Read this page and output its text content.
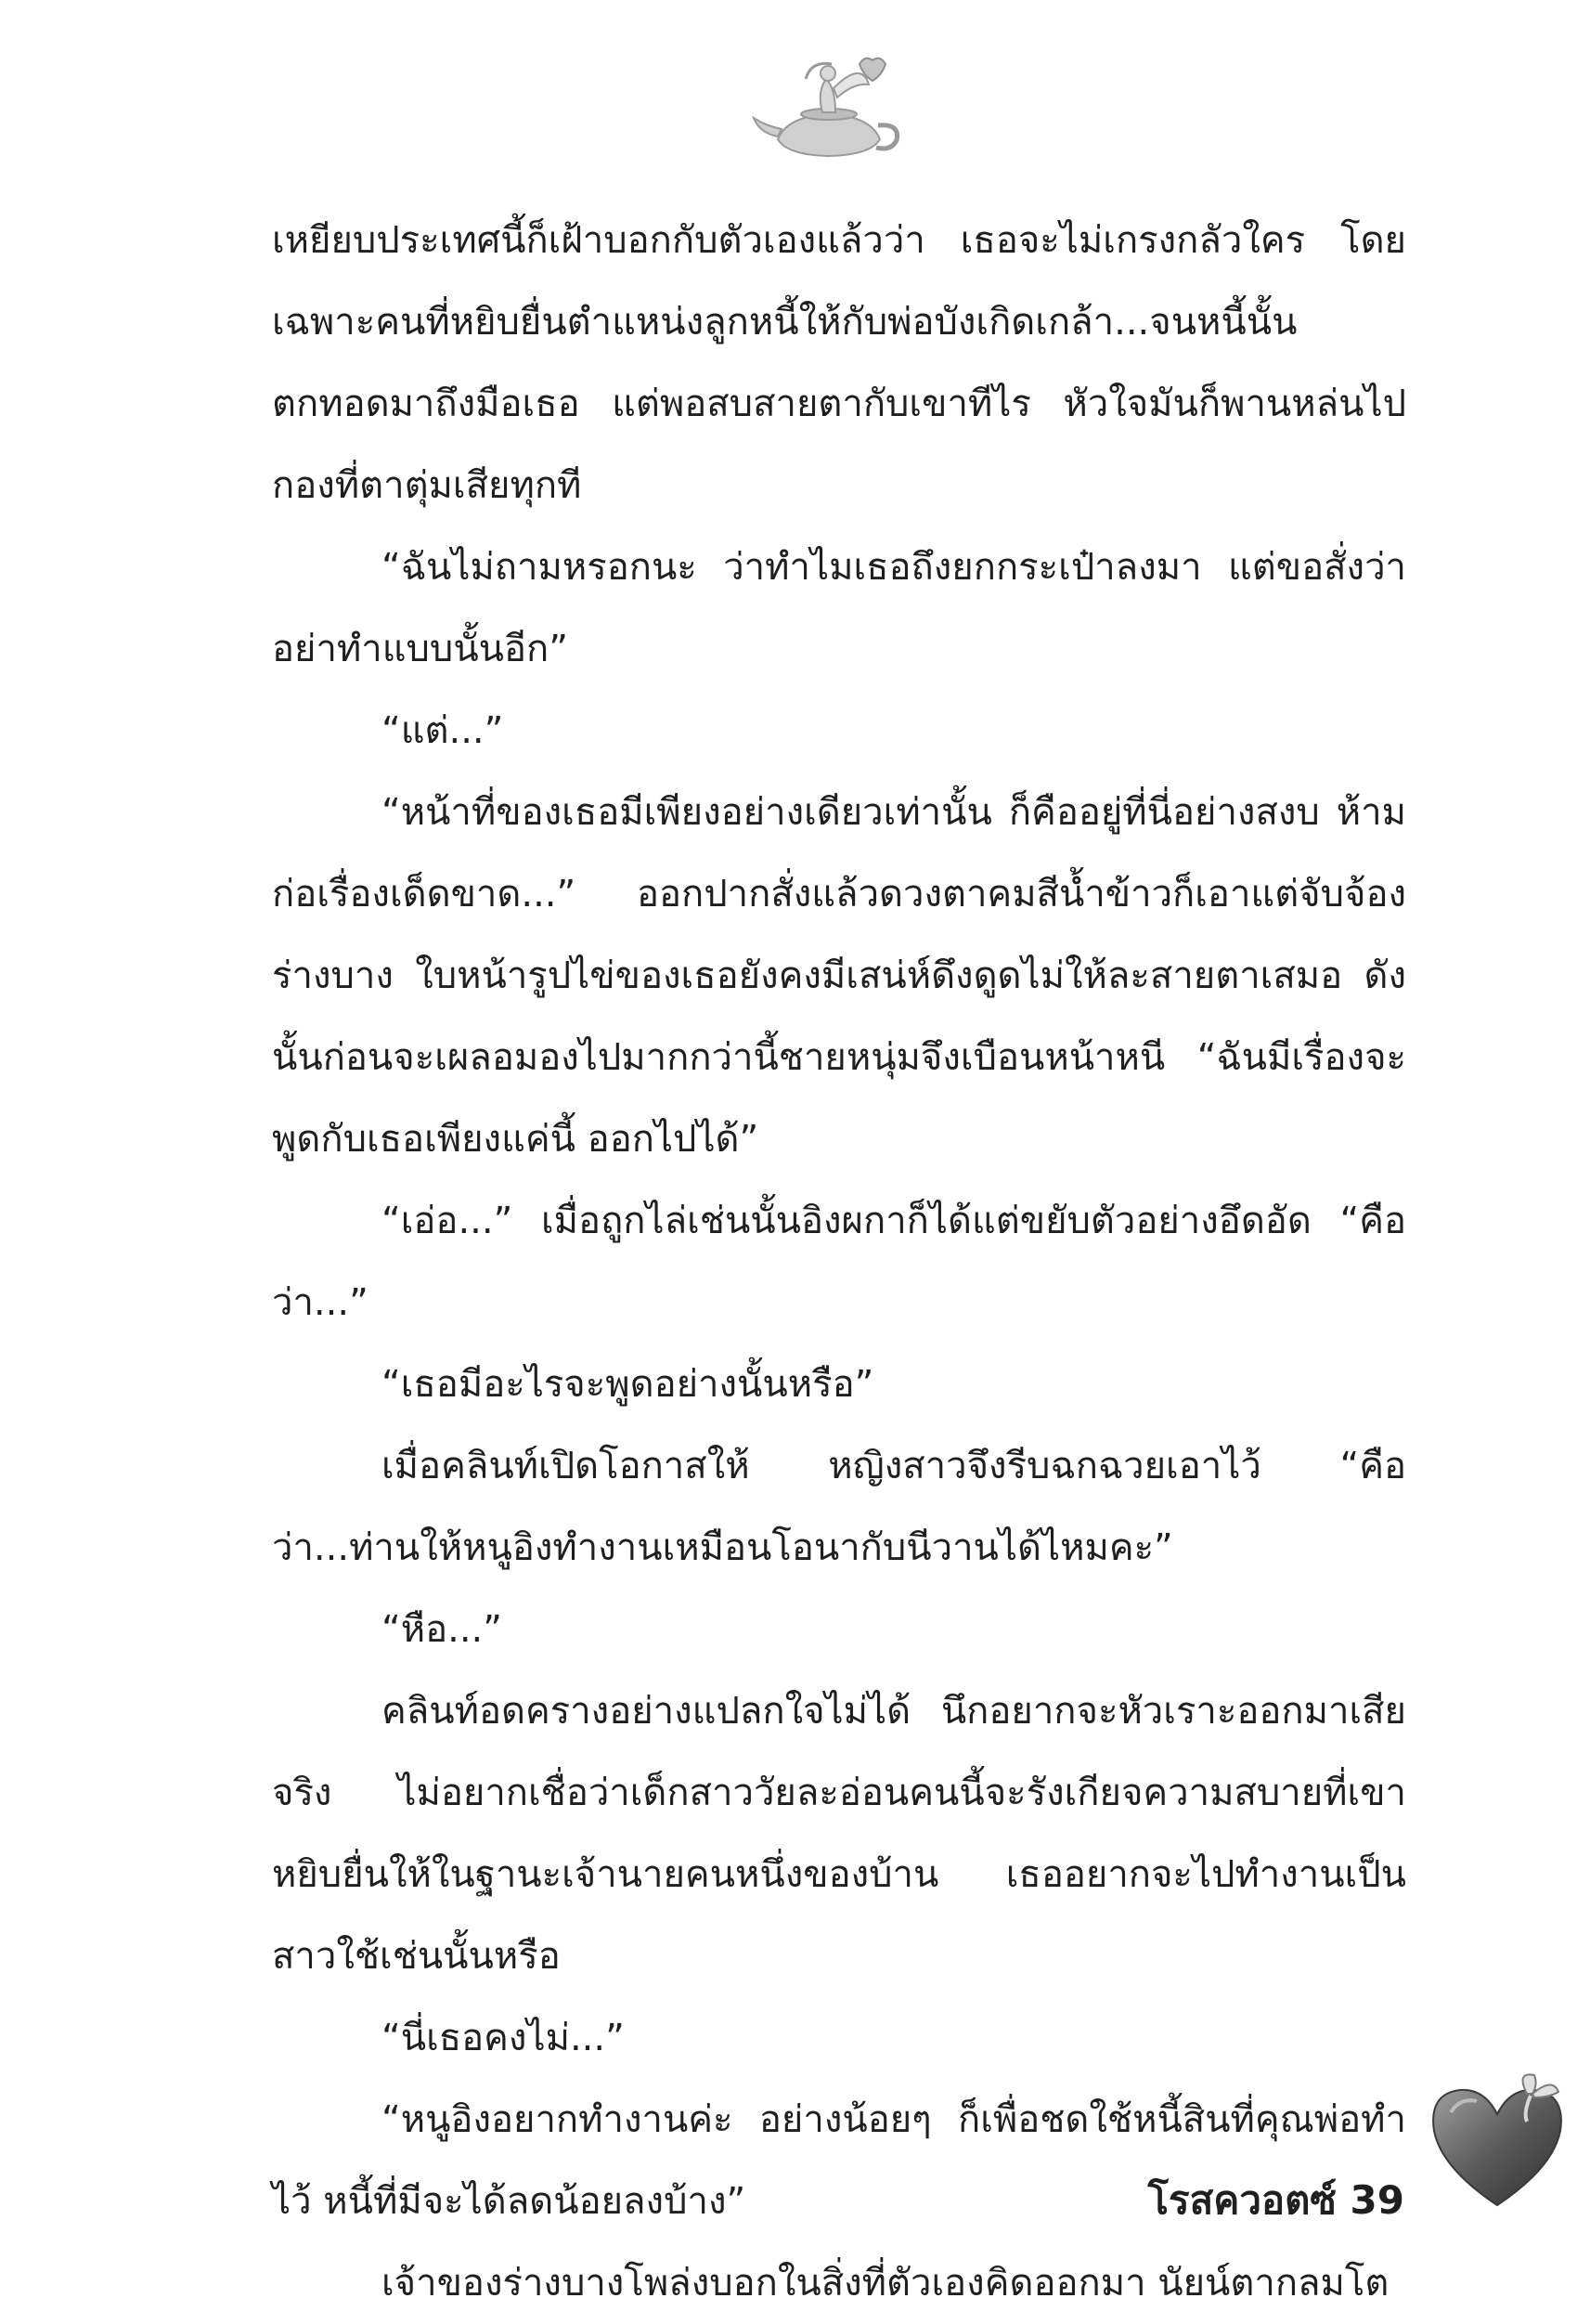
เหยียบประเทศนี้ก็เฝ้าบอกกับตัวเองแล้วว่า เธอจะไม่เกรงกลัวใคร โดยเฉพาะคนที่หยิบยื่นตำแหน่งลูกหนี้ให้กับพ่อบังเกิดเกล้า...จนหนี้นั้นตกทอดมาถึงมือเธอ แต่พอสบสายตากับเขาทีไร หัวใจมันก็พานหล่นไปกองที่ตาตุ่มเสียทุกที

“ฉันไม่ถามหรอกนะ ว่าทำไมเธอถึงยกกระเป๋าลงมา แต่ขอสั่งว่าอย่าทำแบบนั้นอีก”

“แต่...”

“หน้าที่ของเธอมีเพียงอย่างเดียวเท่านั้น ก็คืออยู่ที่นี่อย่างสงบ ห้ามก่อเรื่องเด็ดขาด...” ออกปากสั่งแล้วดวงตาคมสีน้ำข้าวก็เอาแต่จับจ้องร่างบาง ใบหน้ารูปไข่ของเธอยังคงมีเสน่ห์ดึงดูดไม่ให้ละสายตาเสมอ ดังนั้นก่อนจะเผลอมองไปมากกว่านี้ชายหนุ่มจึงเบือนหน้าหนี “ฉันมีเรื่องจะพูดกับเธอเพียงแค่นี้ ออกไปได้”

“เอ่อ...” เมื่อถูกไล่เช่นนั้นอิงผกาก็ได้แต่ขยับตัวอย่างอึดอัด “คือว่า...”

“เธอมีอะไรจะพูดอย่างนั้นหรือ”

เมื่อคลินท์เปิดโอกาสให้ หญิงสาวจึงรีบฉกฉวยเอาไว้ “คือว่า...ท่านให้หนูอิงทำงานเหมือนโอนากับนีวานได้ไหมคะ”

“หือ...”

คลินท์อดครางอย่างแปลกใจไม่ได้ นึกอยากจะหัวเราะออกมาเสียจริง ไม่อยากเชื่อว่าเด็กสาววัยละอ่อนคนนี้จะรังเกียจความสบายที่เขาหยิบยื่นให้ในฐานะเจ้านายคนหนึ่งของบ้าน เธออยากจะไปทำงานเป็นสาวใช้เช่นนั้นหรือ

“นี่เธอคงไม่...”

“หนูอิงอยากทำงานค่ะ อย่างน้อยๆ ก็เพื่อชดใช้หนี้สินที่คุณพ่อทำไว้ หนี้ที่มีจะได้ลดน้อยลงบ้าง”

เจ้าของร่างบางโพล่งบอกในสิ่งที่ตัวเองคิดออกมา นัยน์ตากลมโต

โรสควอตซ์ 39
